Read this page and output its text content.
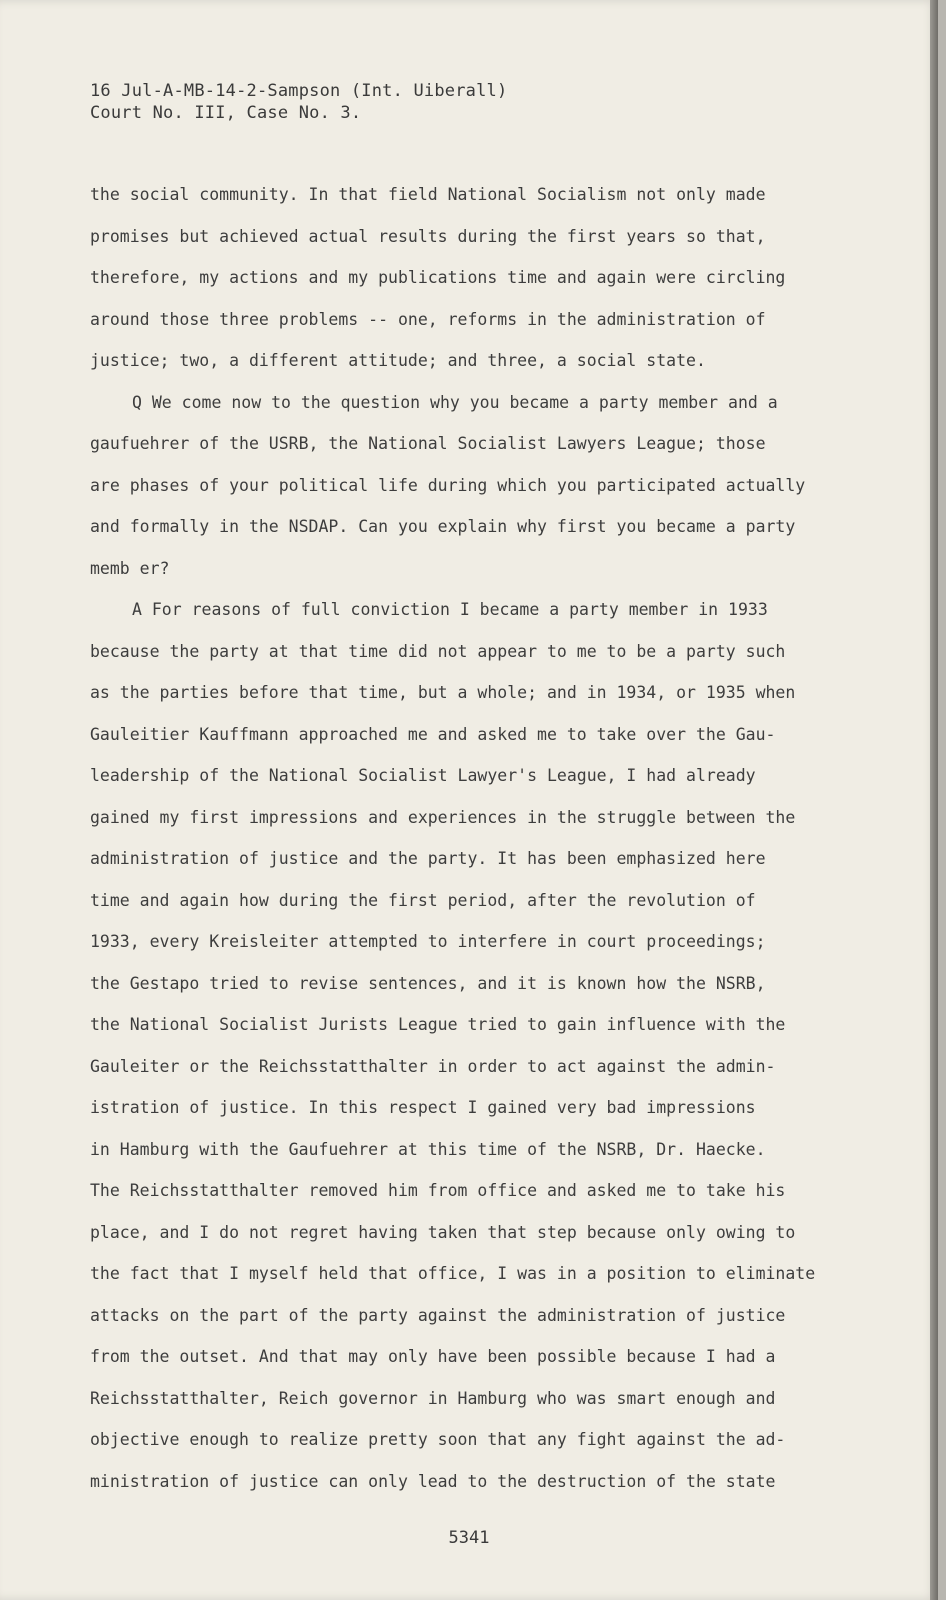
16 Jul-A-MB-14-2-Sampson (Int. Uiberall)
Court No. III, Case No. 3.
the social community. In that field National Socialism not only made
promises but achieved actual results during the first years so that,
therefore, my actions and my publications time and again were circling
around those three problems -- one, reforms in the administration of
justice; two, a different attitude; and three, a social state.
Q We come now to the question why you became a party member and a
gaufuehrer of the USRB, the National Socialist Lawyers League; those
are phases of your political life during which you participated actually
and formally in the NSDAP. Can you explain why first you became a party
memb er?
A For reasons of full conviction I became a party member in 1933
because the party at that time did not appear to me to be a party such
as the parties before that time, but a whole; and in 1934, or 1935 when
Gauleitier Kauffmann approached me and asked me to take over the Gau-
leadership of the National Socialist Lawyer's League, I had already
gained my first impressions and experiences in the struggle between the
administration of justice and the party. It has been emphasized here
time and again how during the first period, after the revolution of
1933, every Kreisleiter attempted to interfere in court proceedings;
the Gestapo tried to revise sentences, and it is known how the NSRB,
the National Socialist Jurists League tried to gain influence with the
Gauleiter or the Reichsstatthalter in order to act against the admin-
istration of justice. In this respect I gained very bad impressions
in Hamburg with the Gaufuehrer at this time of the NSRB, Dr. Haecke.
The Reichsstatthalter removed him from office and asked me to take his
place, and I do not regret having taken that step because only owing to
the fact that I myself held that office, I was in a position to eliminate
attacks on the part of the party against the administration of justice
from the outset. And that may only have been possible because I had a
Reichsstatthalter, Reich governor in Hamburg who was smart enough and
objective enough to realize pretty soon that any fight against the ad-
ministration of justice can only lead to the destruction of the state
5341
